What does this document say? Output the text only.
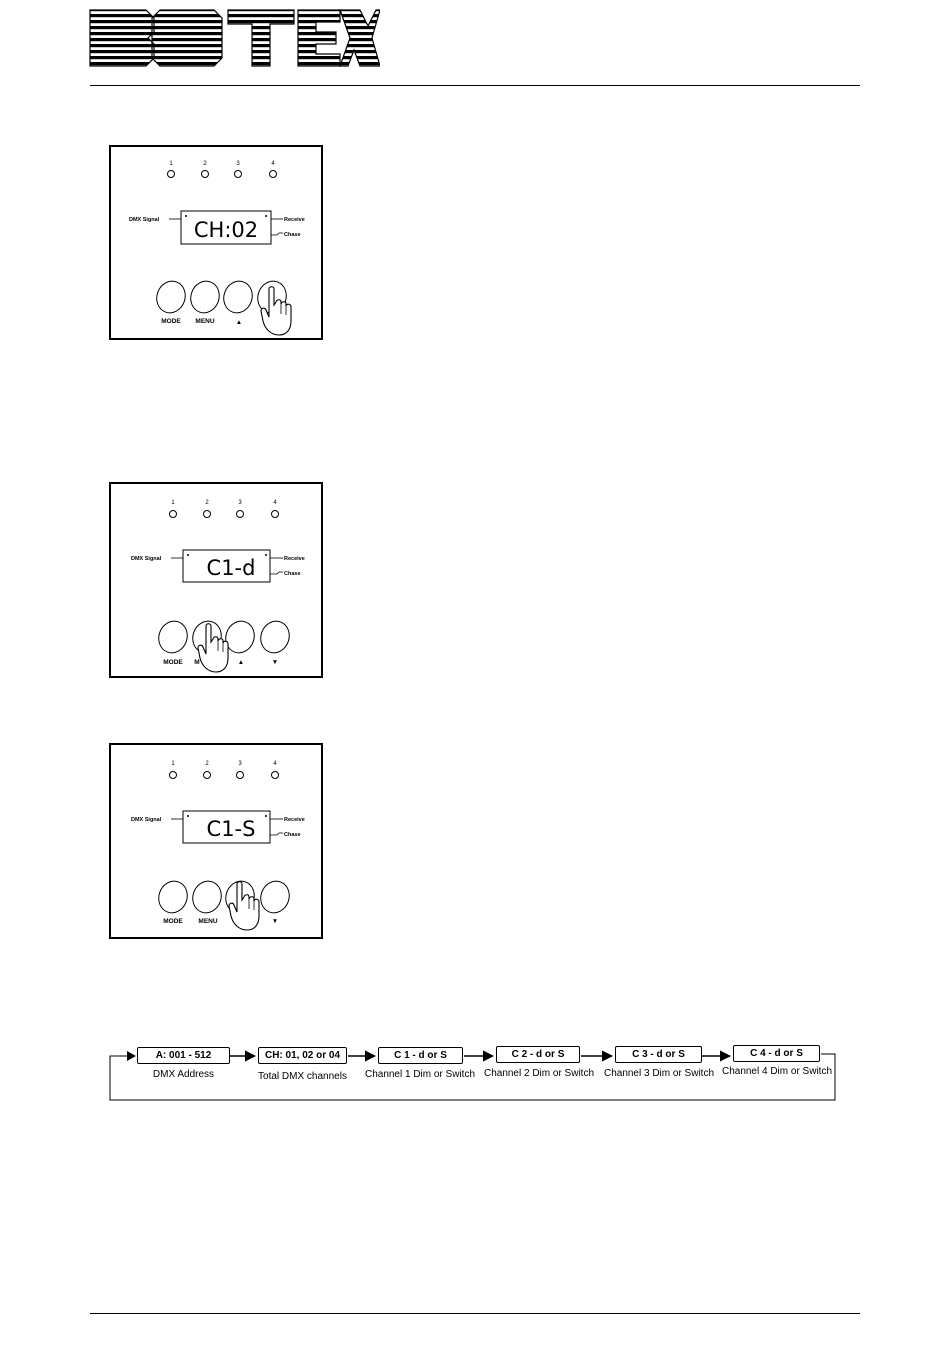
1	2	3	4
DMX Signal CH:02	Receive
Chase
MODE MENU	▲
1	2	3	4
DMX Signal C1-d	Receive
Chase
MODE M	▲	▼
1	2	3	4
DMX Signal C1-S	Receive
Chase
MODE MENU	▼
A: 001 - 512
DMX Address
CH: 01, 02 or 04
Total DMX channels
C 1 - d or S
Channel 1 Dim or Switch
C 2 - d or S
Channel 2 Dim or Switch
C 3 - d or S
Channel 3 Dim or Switch
C 4 - d or S
Channel 4 Dim or Switch
